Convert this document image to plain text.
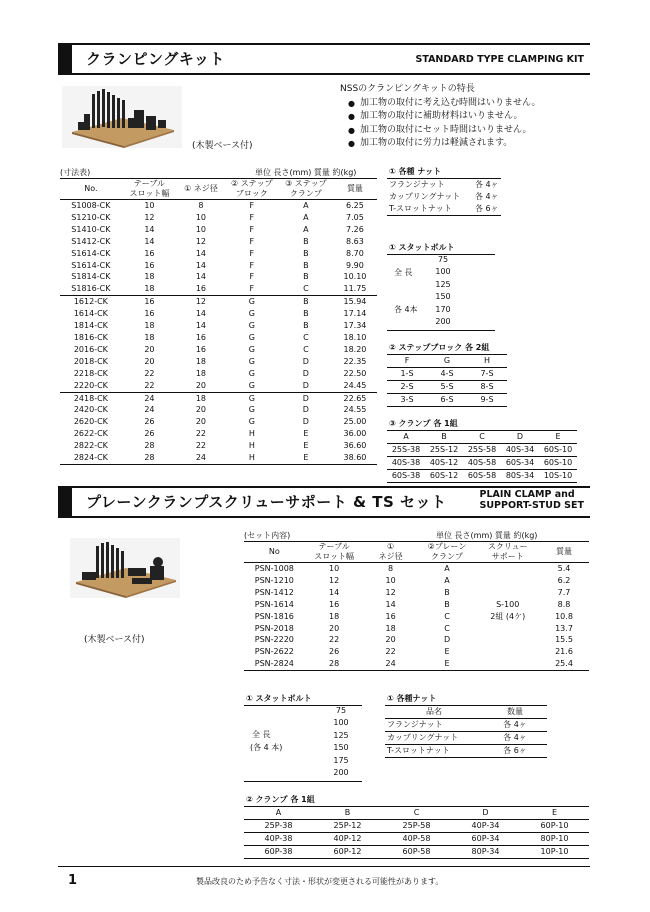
クランピングキット	STANDARD TYPE CLAMPING KIT
(木製ベース付)
NSSのクランピングキットの特長
● 加工物の取付に考え込む時間はいりません。
● 加工物の取付に補助材料はいりません。
● 加工物の取付にセット時間はいりません。
● 加工物の取付に労力は軽減されます。
(寸法表)	単位 長さ(mm) 質量 約(kg)
No.	テーブル
スロット幅	① ネジ径	② ステップ
ブロック	③ ステップ
クランプ	質量
S1008-CK	10	8	F	A	6.25
S1210-CK	12	10	F	A	7.05
S1410-CK	14	10	F	A	7.26
S1412-CK	14	12	F	B	8.63
S1614-CK	16	14	F	B	8.70
S1614-CK	16	14	F	B	9.90
S1814-CK	18	14	F	B	10.10
S1816-CK	18	16	F	C	11.75
1612-CK	16	12	G	B	15.94
1614-CK	16	14	G	B	17.14
1814-CK	18	14	G	B	17.34
1816-CK	18	16	G	C	18.10
2016-CK	20	16	G	C	18.20
2018-CK	20	18	G	D	22.35
2218-CK	22	18	G	D	22.50
2220-CK	22	20	G	D	24.45
2418-CK	24	18	G	D	22.65
2420-CK	24	20	G	D	24.55
2620-CK	26	20	G	D	25.00
2622-CK	26	22	H	E	36.00
2822-CK	28	22	H	E	36.60
2824-CK	28	24	H	E	38.60
① 各種 ナット
フランジナット	各 4ヶ
カップリングナット	各 4ヶ
T-スロットナット	各 6ヶ
① スタットボルト
全 長
各 4本
75
100
125
150
170
200
② ステップブロック 各 2組
F	G	H
1-S	4-S	7-S
2-S	5-S	8-S
3-S	6-S	9-S
③ クランプ 各 1組
A	B	C	D	E
25S-38	25S-12	25S-58	40S-34	60S-10
40S-38	40S-12	40S-58	60S-34	60S-10
60S-38	60S-12	60S-58	80S-34	10S-10
プレーンクランプスクリューサポート & TS セット	PLAIN CLAMP and
SUPPORT-STUD SET
(木製ベース付)
(セット内容)	単位 長さ(mm) 質量 約(kg)
No	テーブル
スロット幅	①
ネジ径	②プレーン
クランプ	スクリュー
サポート	質量
PSN-1008	10	8	A		5.4
PSN-1210	12	10	A		6.2
PSN-1412	14	12	B		7.7
PSN-1614	16	14	B	S-100	8.8
PSN-1816	18	16	C	2組 (4ケ)	10.8
PSN-2018	20	18	C		13.7
PSN-2220	22	20	D		15.5
PSN-2622	26	22	E		21.6
PSN-2824	28	24	E		25.4
① スタットボルト
全 長
(各 4 本)
75
100
125
150
175
200
① 各種ナット
品名	数量
フランジナット	各 4ヶ
カップリングナット	各 4ヶ
T-スロットナット	各 6ヶ
② クランプ 各 1組
A	B	C	D	E
25P-38	25P-12	25P-58	40P-34	60P-10
40P-38	40P-12	40P-58	60P-34	80P-10
60P-38	60P-12	60P-58	80P-34	10P-10
1	製品改良のため予告なく寸法・形状が変更される可能性があります。
